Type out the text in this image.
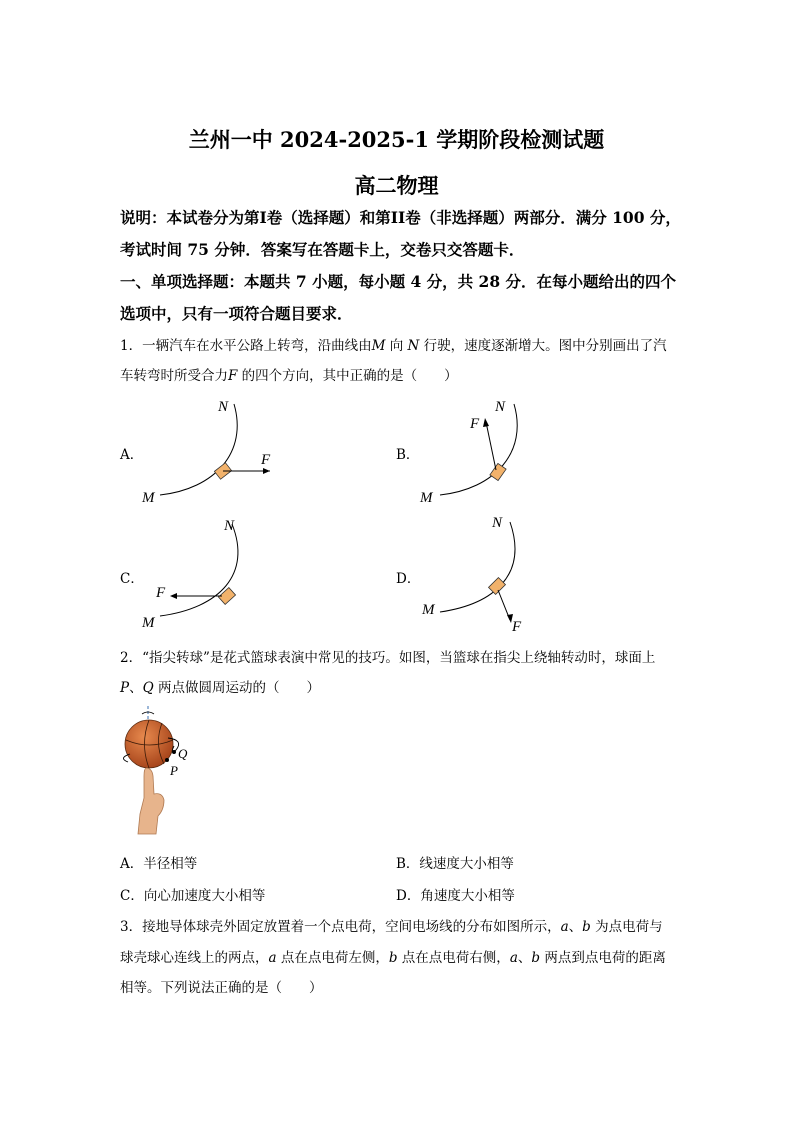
兰州一中 2024-2025-1 学期阶段检测试题
高二物理
说明：本试卷分为第I卷（选择题）和第II卷（非选择题）两部分．满分 100 分，
考试时间 75 分钟．答案写在答题卡上，交卷只交答题卡．
一、单项选择题：本题共 7 小题，每小题 4 分，共 28 分．在每小题给出的四个
选项中，只有一项符合题目要求．
1．一辆汽车在水平公路上转弯，沿曲线由M 向 N 行驶，速度逐渐增大。图中分别画出了汽
车转弯时所受合力F 的四个方向，其中正确的是（　　）
A．
M
N
F	B．
M
N
F
C．
M
N
F
D．
M
N
F
2．“指尖转球”是花式篮球表演中常见的技巧。如图，当篮球在指尖上绕轴转动时，球面上
P、Q 两点做圆周运动的（　　）
Q
P
A．半径相等	B．线速度大小相等
C．向心加速度大小相等	D．角速度大小相等
3．接地导体球壳外固定放置着一个点电荷，空间电场线的分布如图所示，a、b 为点电荷与
球壳球心连线上的两点，a 点在点电荷左侧，b 点在点电荷右侧，a、b 两点到点电荷的距离
相等。下列说法正确的是（　　）
